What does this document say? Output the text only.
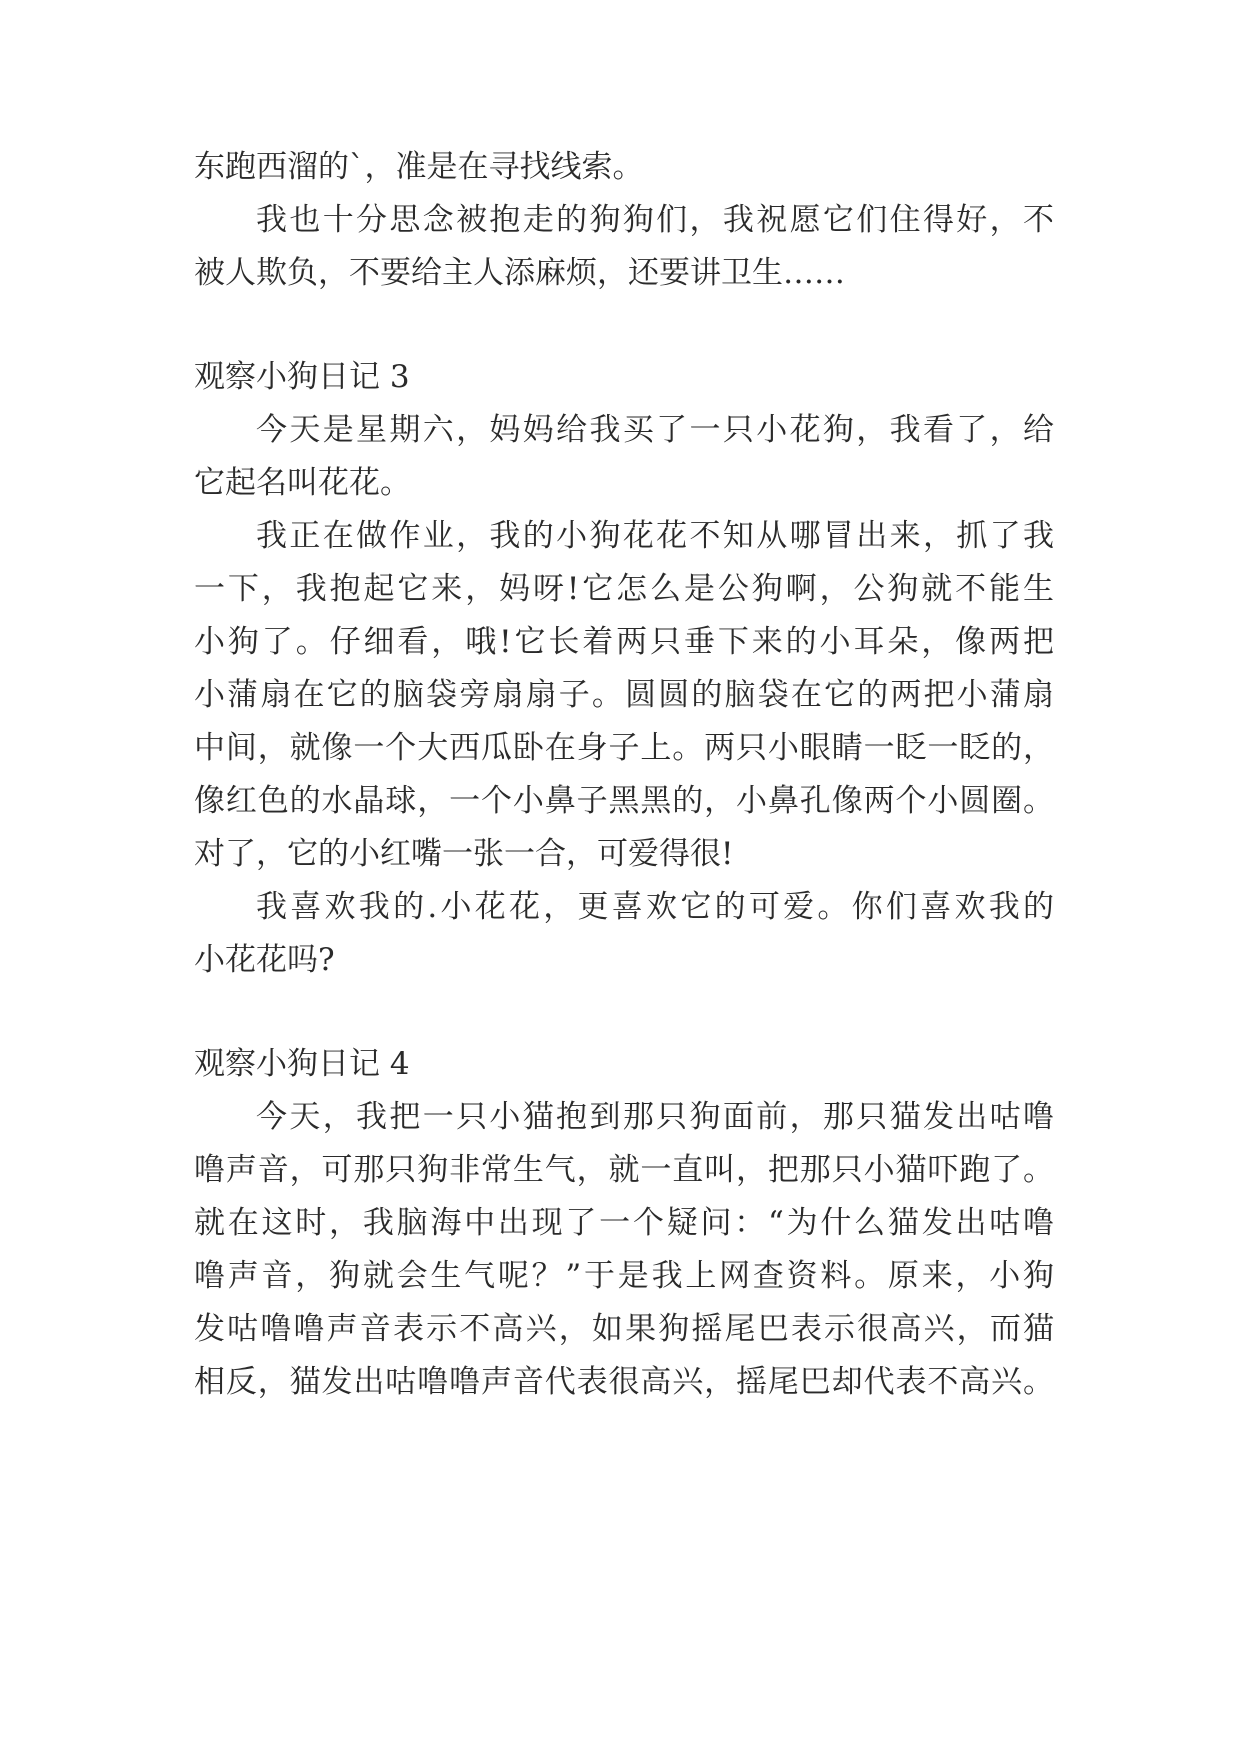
东跑西溜的`，准是在寻找线索。
我也十分思念被抱走的狗狗们，我祝愿它们住得好，不
被人欺负，不要给主人添麻烦，还要讲卫生……
观察小狗日记 3
今天是星期六，妈妈给我买了一只小花狗，我看了，给
它起名叫花花。
我正在做作业，我的小狗花花不知从哪冒出来，抓了我
一下，我抱起它来，妈呀!它怎么是公狗啊，公狗就不能生
小狗了。仔细看，哦!它长着两只垂下来的小耳朵，像两把
小蒲扇在它的脑袋旁扇扇子。圆圆的脑袋在它的两把小蒲扇
中间，就像一个大西瓜卧在身子上。两只小眼睛一眨一眨的，
像红色的水晶球，一个小鼻子黑黑的，小鼻孔像两个小圆圈。
对了，它的小红嘴一张一合，可爱得很!
我喜欢我的.小花花，更喜欢它的可爱。你们喜欢我的
小花花吗?
观察小狗日记 4
今天，我把一只小猫抱到那只狗面前，那只猫发出咕噜
噜声音，可那只狗非常生气，就一直叫，把那只小猫吓跑了。
就在这时，我脑海中出现了一个疑问：“为什么猫发出咕噜
噜声音，狗就会生气呢？”于是我上网查资料。原来，小狗
发咕噜噜声音表示不高兴，如果狗摇尾巴表示很高兴，而猫
相反，猫发出咕噜噜声音代表很高兴，摇尾巴却代表不高兴。
